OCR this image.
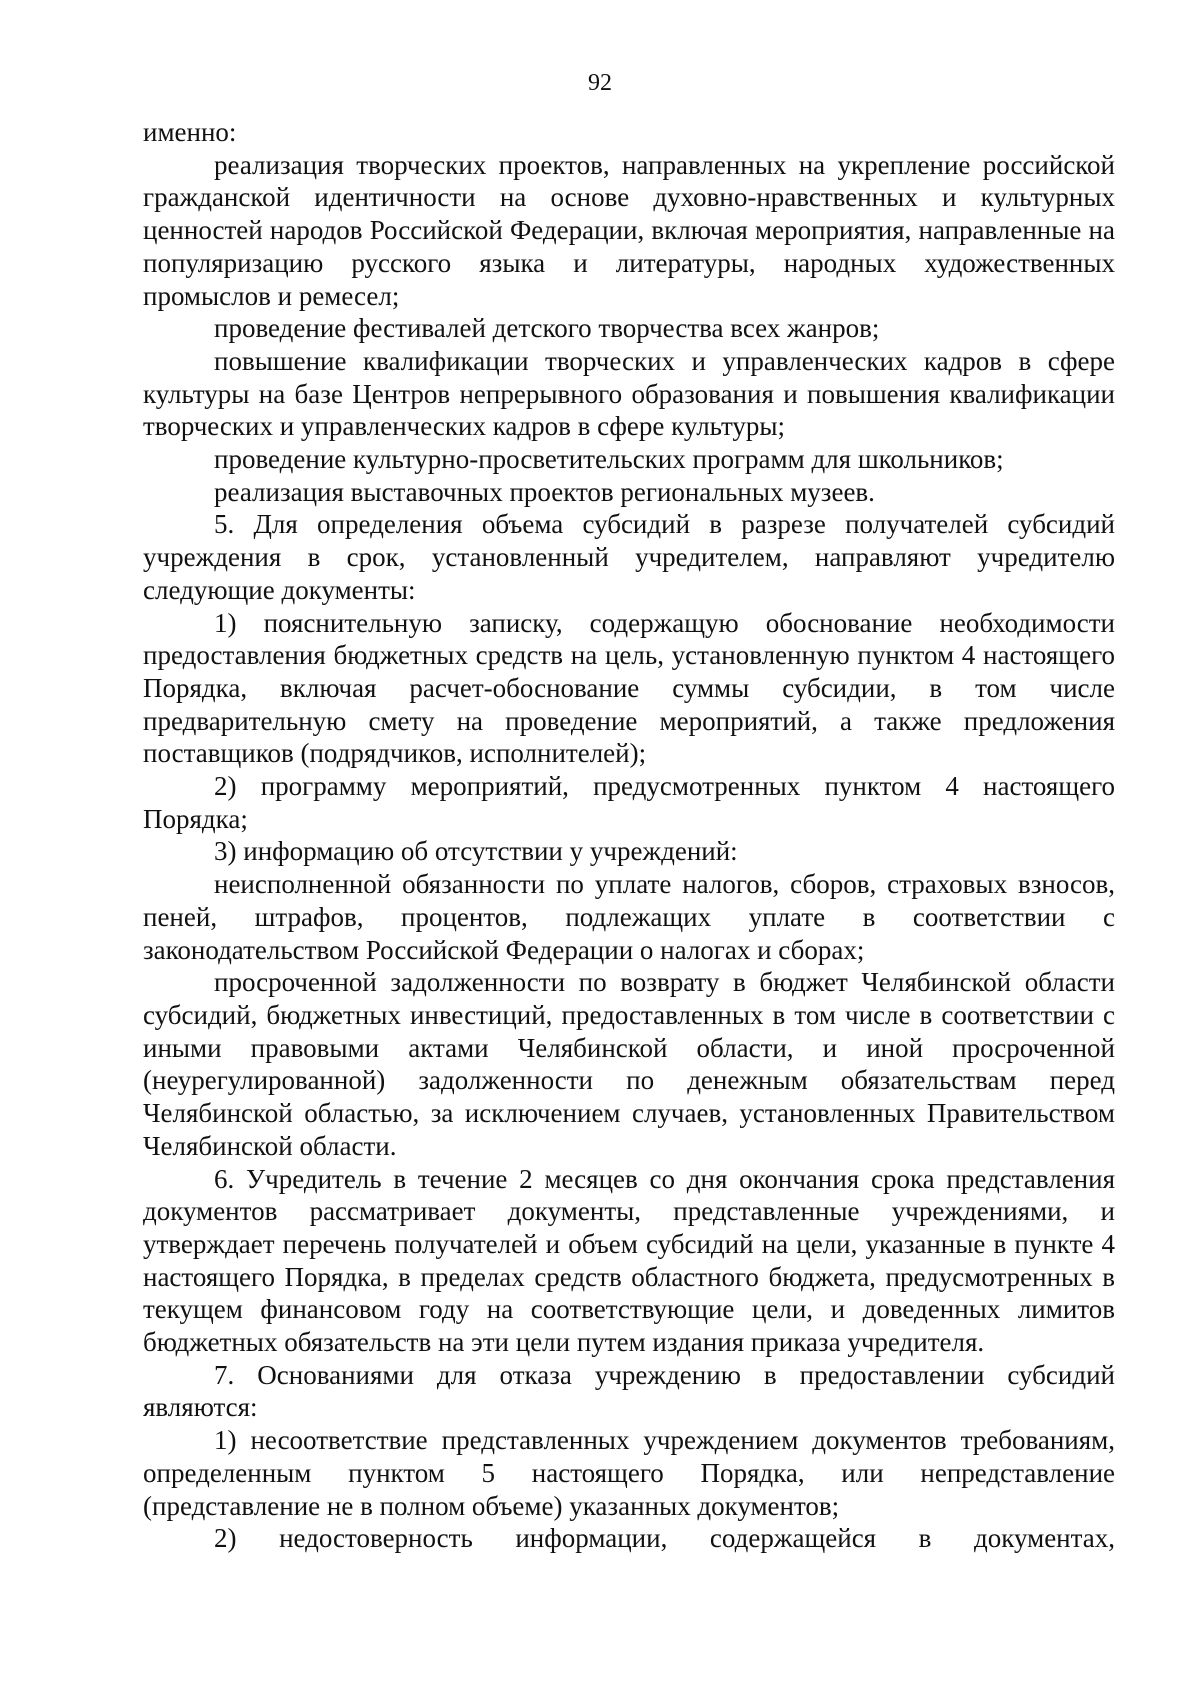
92

именно:

реализация творческих проектов, направленных на укрепление российской гражданской идентичности на основе духовно-нравственных и культурных ценностей народов Российской Федерации, включая мероприятия, направленные на популяризацию русского языка и литературы, народных художественных промыслов и ремесел;

проведение фестивалей детского творчества всех жанров;

повышение квалификации творческих и управленческих кадров в сфере культуры на базе Центров непрерывного образования и повышения квалификации творческих и управленческих кадров в сфере культуры;

проведение культурно-просветительских программ для школьников;

реализация выставочных проектов региональных музеев.

5. Для определения объема субсидий в разрезе получателей субсидий учреждения в срок, установленный учредителем, направляют учредителю следующие документы:

1) пояснительную записку, содержащую обоснование необходимости предоставления бюджетных средств на цель, установленную пунктом 4 настоящего Порядка, включая расчет-обоснование суммы субсидии, в том числе предварительную смету на проведение мероприятий, а также предложения поставщиков (подрядчиков, исполнителей);

2) программу мероприятий, предусмотренных пунктом 4 настоящего Порядка;

3) информацию об отсутствии у учреждений:

неисполненной обязанности по уплате налогов, сборов, страховых взносов, пеней, штрафов, процентов, подлежащих уплате в соответствии с законодательством Российской Федерации о налогах и сборах;

просроченной задолженности по возврату в бюджет Челябинской области субсидий, бюджетных инвестиций, предоставленных в том числе в соответствии с иными правовыми актами Челябинской области, и иной просроченной (неурегулированной) задолженности по денежным обязательствам перед Челябинской областью, за исключением случаев, установленных Правительством Челябинской области.

6. Учредитель в течение 2 месяцев со дня окончания срока представления документов рассматривает документы, представленные учреждениями, и утверждает перечень получателей и объем субсидий на цели, указанные в пункте 4 настоящего Порядка, в пределах средств областного бюджета, предусмотренных в текущем финансовом году на соответствующие цели, и доведенных лимитов бюджетных обязательств на эти цели путем издания приказа учредителя.

7. Основаниями для отказа учреждению в предоставлении субсидий являются:

1) несоответствие представленных учреждением документов требованиям, определенным пунктом 5 настоящего Порядка, или непредставление (представление не в полном объеме) указанных документов;

2) недостоверность информации, содержащейся в документах,
